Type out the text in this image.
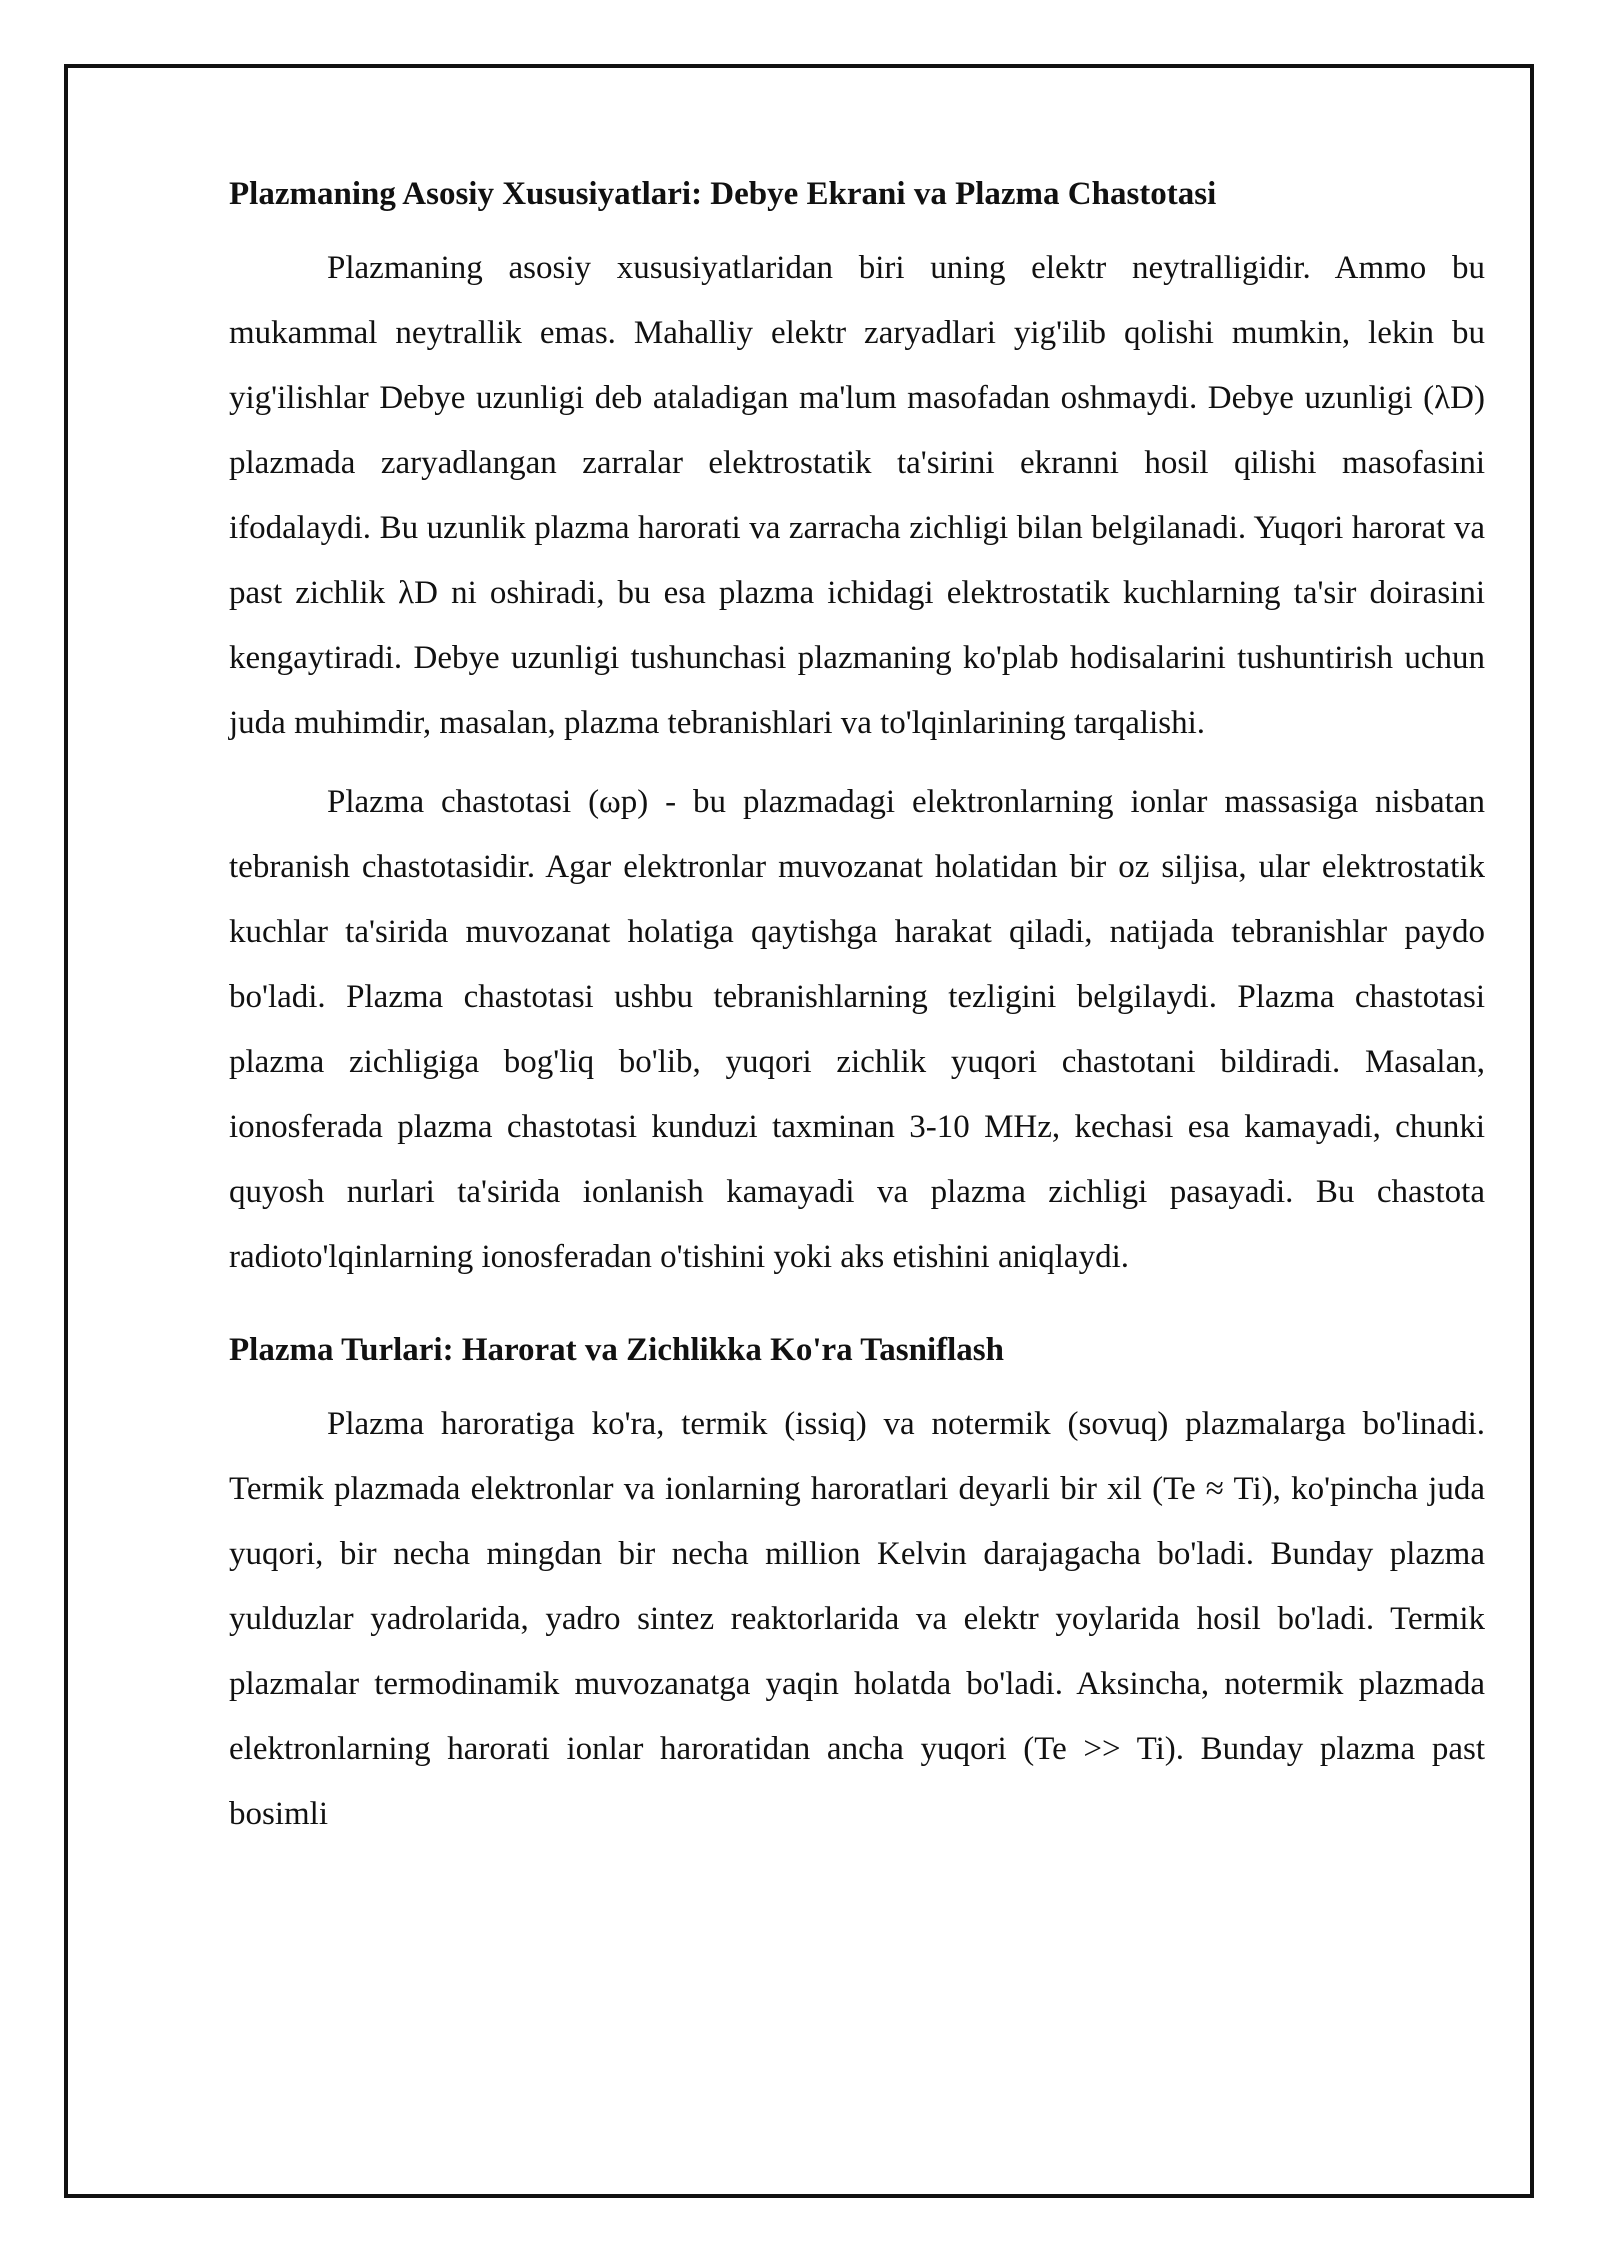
Plazmaning Asosiy Xususiyatlari: Debye Ekrani va Plazma Chastotasi

Plazmaning asosiy xususiyatlaridan biri uning elektr neytralligidir. Ammo bu mukammal neytrallik emas. Mahalliy elektr zaryadlari yig'ilib qolishi mumkin, lekin bu yig'ilishlar Debye uzunligi deb ataladigan ma'lum masofadan oshmaydi. Debye uzunligi (λD) plazmada zaryadlangan zarralar elektrostatik ta'sirini ekranni hosil qilishi masofasini ifodalaydi. Bu uzunlik plazma harorati va zarracha zichligi bilan belgilanadi. Yuqori harorat va past zichlik λD ni oshiradi, bu esa plazma ichidagi elektrostatik kuchlarning ta'sir doirasini kengaytiradi. Debye uzunligi tushunchasi plazmaning ko'plab hodisalarini tushuntirish uchun juda muhimdir, masalan, plazma tebranishlari va to'lqinlarining tarqalishi.

Plazma chastotasi (ωp) - bu plazmadagi elektronlarning ionlar massasiga nisbatan tebranish chastotasidir. Agar elektronlar muvozanat holatidan bir oz siljisa, ular elektrostatik kuchlar ta'sirida muvozanat holatiga qaytishga harakat qiladi, natijada tebranishlar paydo bo'ladi. Plazma chastotasi ushbu tebranishlarning tezligini belgilaydi. Plazma chastotasi plazma zichligiga bog'liq bo'lib, yuqori zichlik yuqori chastotani bildiradi. Masalan, ionosferada plazma chastotasi kunduzi taxminan 3-10 MHz, kechasi esa kamayadi, chunki quyosh nurlari ta'sirida ionlanish kamayadi va plazma zichligi pasayadi. Bu chastota radioto'lqinlarning ionosferadan o'tishini yoki aks etishini aniqlaydi.

Plazma Turlari: Harorat va Zichlikka Ko'ra Tasniflash

Plazma haroratiga ko'ra, termik (issiq) va notermik (sovuq) plazmalarga bo'linadi. Termik plazmada elektronlar va ionlarning haroratlari deyarli bir xil (Te ≈ Ti), ko'pincha juda yuqori, bir necha mingdan bir necha million Kelvin darajagacha bo'ladi. Bunday plazma yulduzlar yadrolarida, yadro sintez reaktorlarida va elektr yoylarida hosil bo'ladi. Termik plazmalar termodinamik muvozanatga yaqin holatda bo'ladi. Aksincha, notermik plazmada elektronlarning harorati ionlar haroratidan ancha yuqori (Te >> Ti). Bunday plazma past bosimli
